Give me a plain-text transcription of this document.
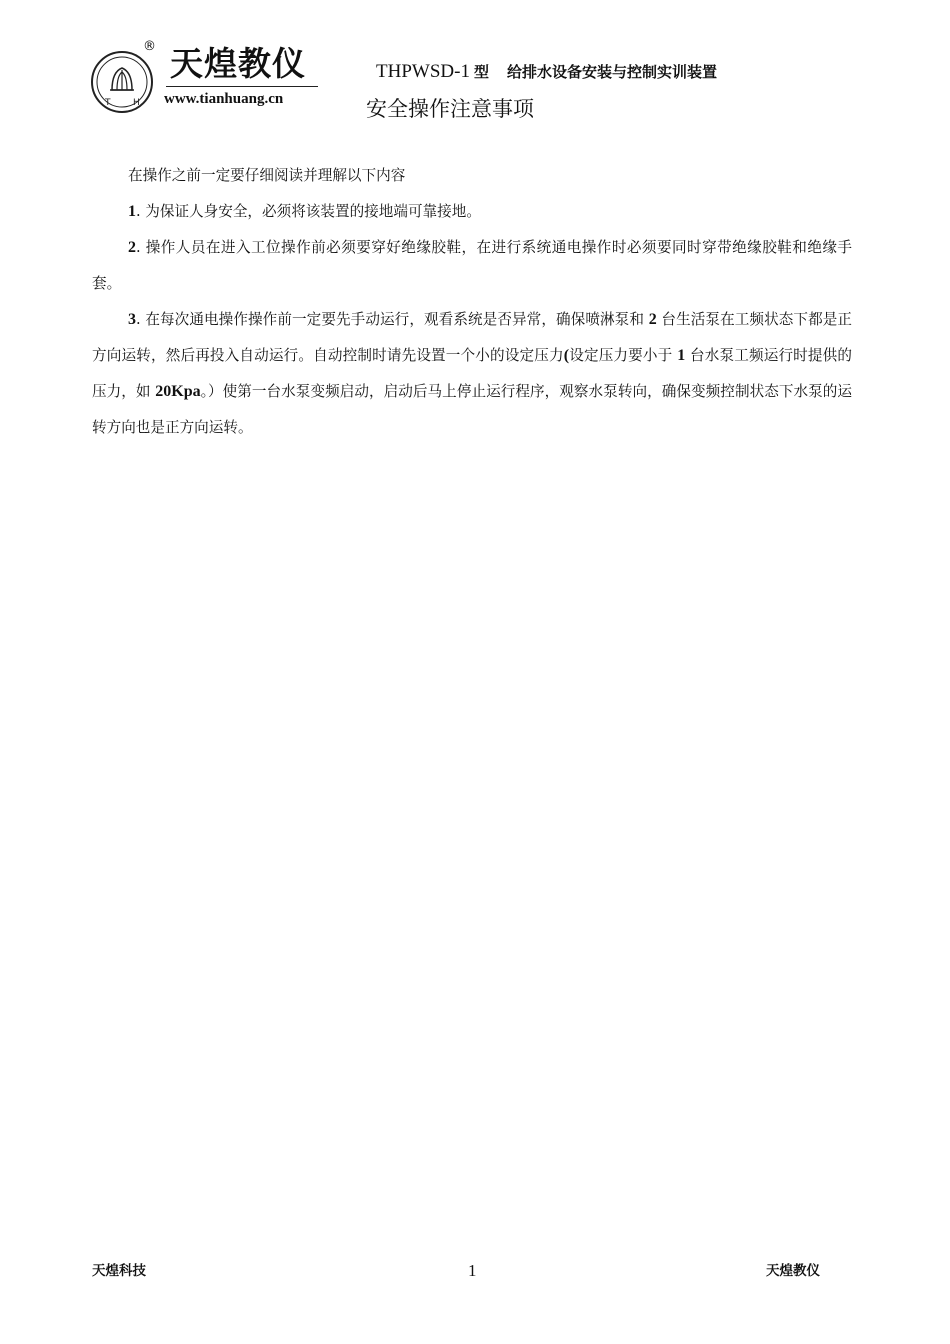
T	H
® 天煌教仪
www.tianhuang.cn
THPWSD-1 型 给排水设备安装与控制实训装置
安全操作注意事项

在操作之前一定要仔细阅读并理解以下内容

1. 为保证人身安全，必须将该装置的接地端可靠接地。

2. 操作人员在进入工位操作前必须要穿好绝缘胶鞋，在进行系统通电操作时必须要同时穿带绝缘胶鞋和绝缘手套。

3. 在每次通电操作操作前一定要先手动运行，观看系统是否异常，确保喷淋泵和 2 台生活泵在工频状态下都是正方向运转，然后再投入自动运行。自动控制时请先设置一个小的设定压力(设定压力要小于 1 台水泵工频运行时提供的压力，如 20Kpa。）使第一台水泵变频启动，启动后马上停止运行程序，观察水泵转向，确保变频控制状态下水泵的运转方向也是正方向运转。

天煌科技	1	天煌教仪
